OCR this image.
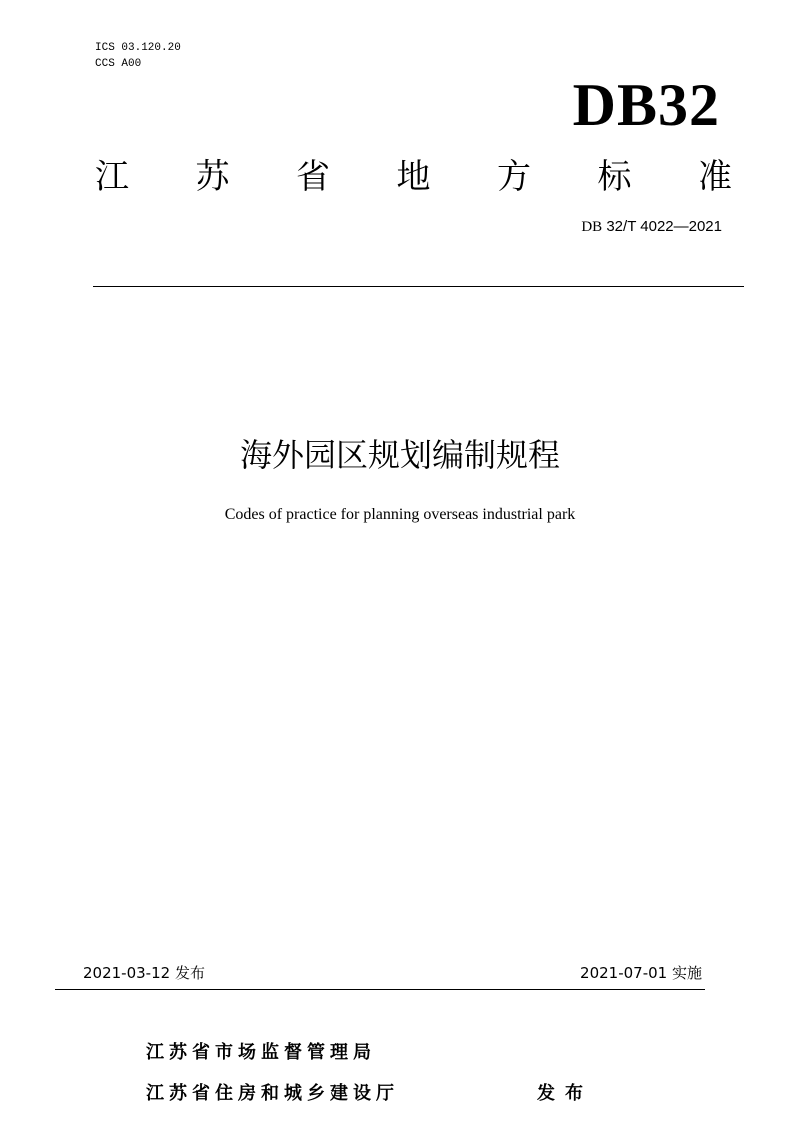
ICS 03.120.20
CCS A00
DB32
江 苏 省 地 方 标 准
DB 32/T 4022—2021
海外园区规划编制规程
Codes of practice for planning overseas industrial park
2021-03-12 发布	2021-07-01 实施
江苏省市场监督管理局
江苏省住房和城乡建设厅	发布
